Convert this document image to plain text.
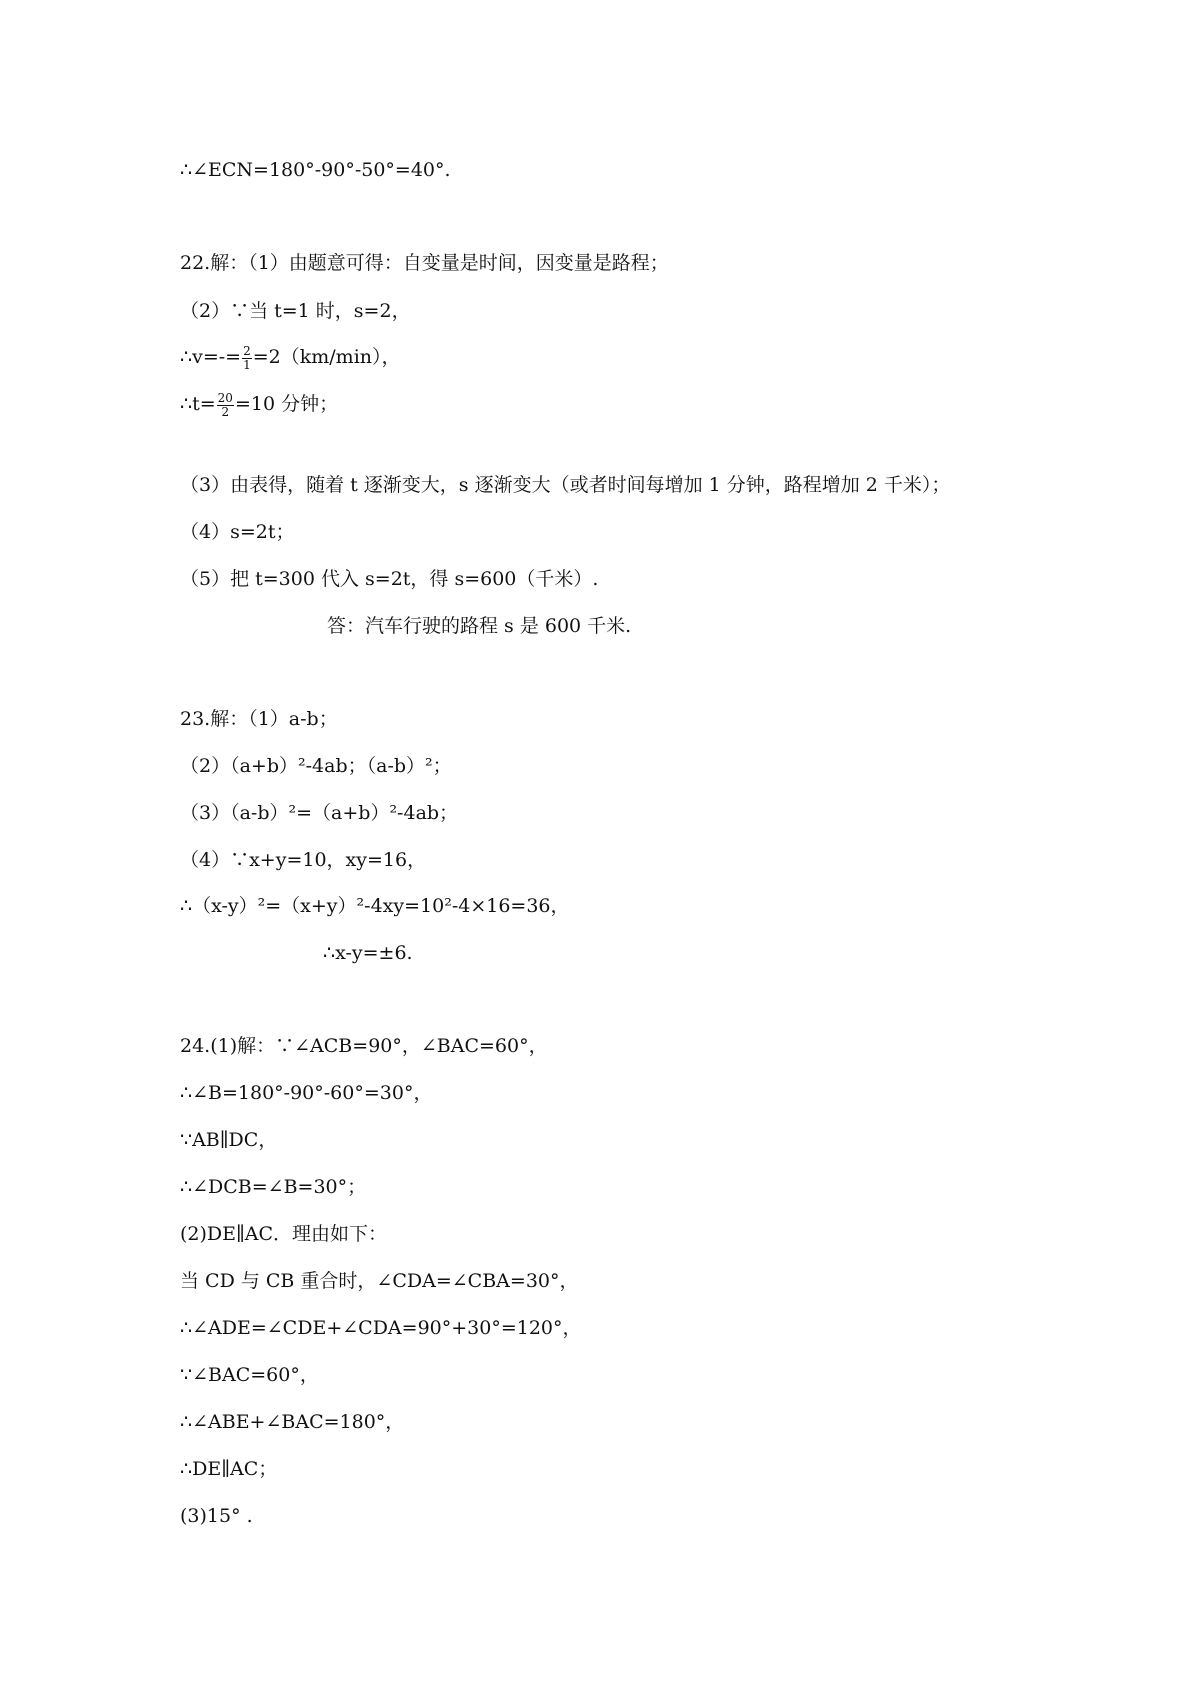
∴∠ECN=180°-90°-50°=40°.
22.解：（1）由题意可得：自变量是时间，因变量是路程；
（2）∵当 t=1 时，s=2，
∴v=-= $\frac{2}{1} =2(km/\min)$，
∴t= $\frac{20}{2} =10$ 分钟；
（3）由表得，随着 t 逐渐变大，s 逐渐变大（或者时间每增加 1 分钟，路程增加 2 千米）；
（4）s=2t；
（5）把 t=300 代入 s=2t，得 s=600（千米）.
答：汽车行驶的路程 s 是 600 千米.
23.解：（1）a-b；
（2）（a+b）²-4ab；（a-b）²；
（3）（a-b）²=（a+b）²-4ab；
（4）∵x+y=10，xy=16，
∴（x-y）²=（x+y）²-4xy=10²-4×16=36，
∴x-y=±6.
24.(1)解：∵∠ACB=90°，∠BAC=60°，
∴∠B=180°-90°-60°=30°，
∵AB∥DC，
∴∠DCB=∠B=30°；
(2)DE∥AC．理由如下：
当 CD 与 CB 重合时，∠CDA=∠CBA=30°，
∴∠ADE=∠CDE+∠CDA=90°+30°=120°，
∵∠BAC=60°，
∴∠ABE+∠BAC=180°，
∴DE∥AC；
(3)15° .
